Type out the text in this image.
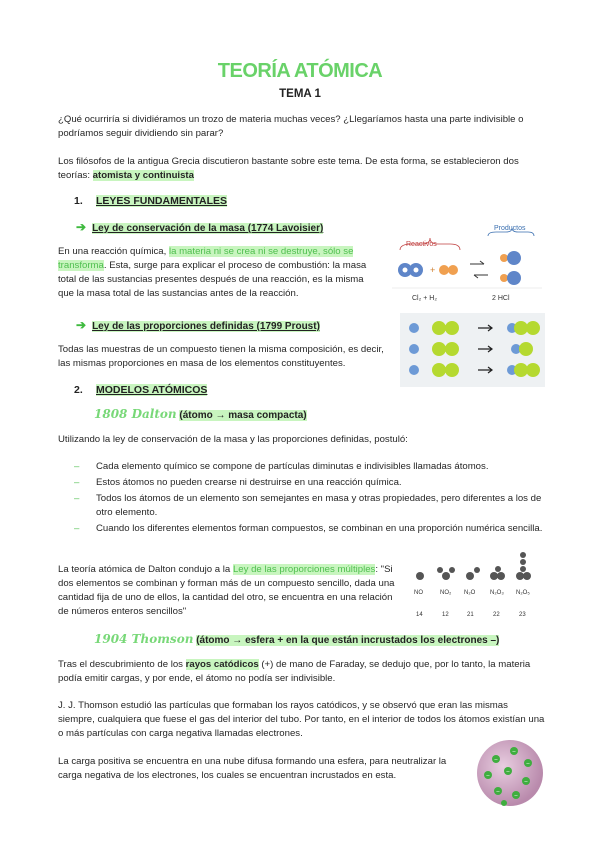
TEORÍA ATÓMICA
TEMA 1
¿Qué ocurriría si dividiéramos un trozo de materia muchas veces? ¿Llegaríamos hasta una parte indivisible o podríamos seguir dividiendo sin parar?
Los filósofos de la antigua Grecia discutieron bastante sobre este tema. De esta forma, se establecieron dos teorías: atomista y continuista
1. LEYES FUNDAMENTALES
➔ Ley de conservación de la masa (1774 Lavoisier)
En una reacción química, la materia ni se crea ni se destruye, sólo se transforma. Esta, surge para explicar el proceso de combustión: la masa total de las sustancias presentes después de una reacción, es la misma que la masa total de las sustancias antes de la reacción.
Reactivos
Productos
+
Cl₂ + H₂	2 HCl
➔ Ley de las proporciones definidas (1799 Proust)
Todas las muestras de un compuesto tienen la misma composición, es decir, las mismas proporciones en masa de los elementos constituyentes.
2. MODELOS ATÓMICOS
1808 Dalton (átomo → masa compacta)
Utilizando la ley de conservación de la masa y las proporciones definidas, postuló:
– Cada elemento químico se compone de partículas diminutas e indivisibles llamadas átomos.
– Estos átomos no pueden crearse ni destruirse en una reacción química.
– Todos los átomos de un elemento son semejantes en masa y otras propiedades, pero diferentes a los de otro elemento.
– Cuando los diferentes elementos forman compuestos, se combinan en una proporción numérica sencilla.
La teoría atómica de Dalton condujo a la Ley de las proporciones múltiples: "Si dos elementos se combinan y forman más de un compuesto sencillo, dada una cantidad fija de uno de ellos, la cantidad del otro, se encuentra en una relación de números enteros sencillos"
NO	NO₂ N₂O N₂O₃ N₂O₅
14	12	21	22	23
1904 Thomson (átomo → esfera + en la que están incrustados los electrones –)
Tras el descubrimiento de los rayos catódicos (+) de mano de Faraday, se dedujo que, por lo tanto, la materia podía emitir cargas, y por ende, el átomo no podía ser indivisible.
J. J. Thomson estudió las partículas que formaban los rayos catódicos, y se observó que eran las mismas siempre, cualquiera que fuese el gas del interior del tubo. Por tanto, en el interior de todos los átomos existían una o más partículas con carga negativa llamadas electrones.
La carga positiva se encuentra en una nube difusa formando una esfera, para neutralizar la carga negativa de los electrones, los cuales se encuentran incrustados en esta.
−
−
−
−
−
−
−
−
